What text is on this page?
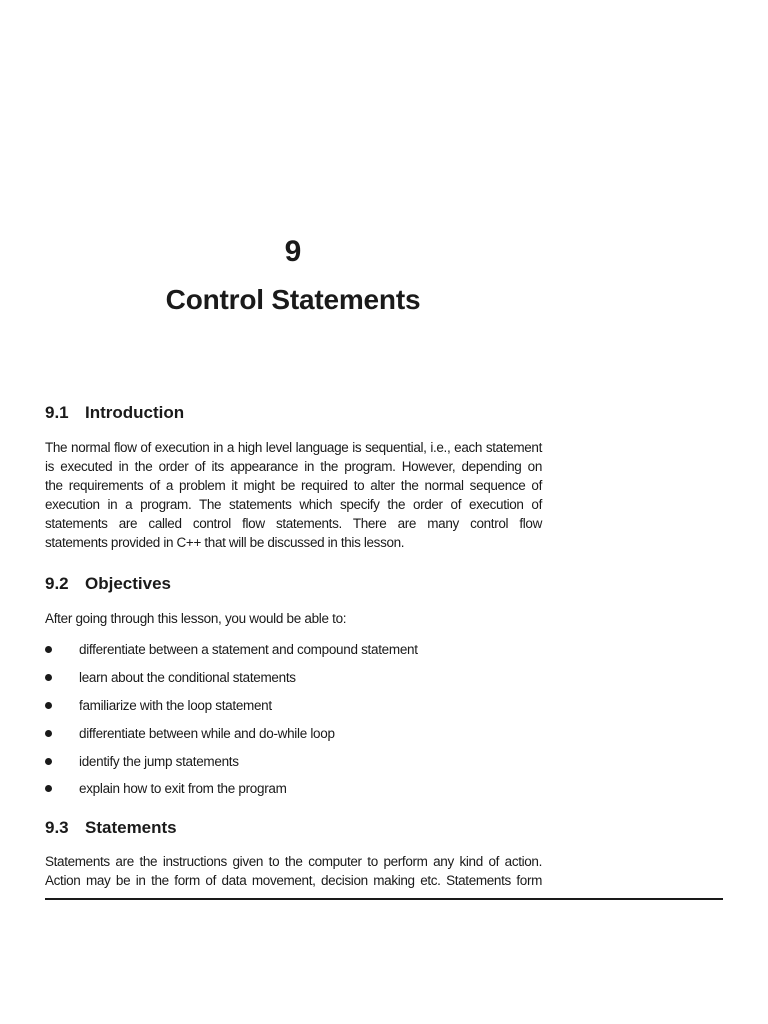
9
Control Statements
9.1 Introduction
The normal flow of execution in a high level language is sequential, i.e., each statement
is executed in the order of its appearance in the program. However, depending on
the requirements of a problem it might be required to alter the normal sequence of
execution in a program. The statements which specify the order of execution of
statements are called control flow statements. There are many control flow
statements provided in C++ that will be discussed in this lesson.
9.2 Objectives
After going through this lesson, you would be able to:
differentiate between a statement and compound statement
learn about the conditional statements
familiarize with the loop statement
differentiate between while and do-while loop
identify the jump statements
explain how to exit from the program
9.3 Statements
Statements are the instructions given to the computer to perform any kind of action.
Action may be in the form of data movement, decision making etc. Statements form
